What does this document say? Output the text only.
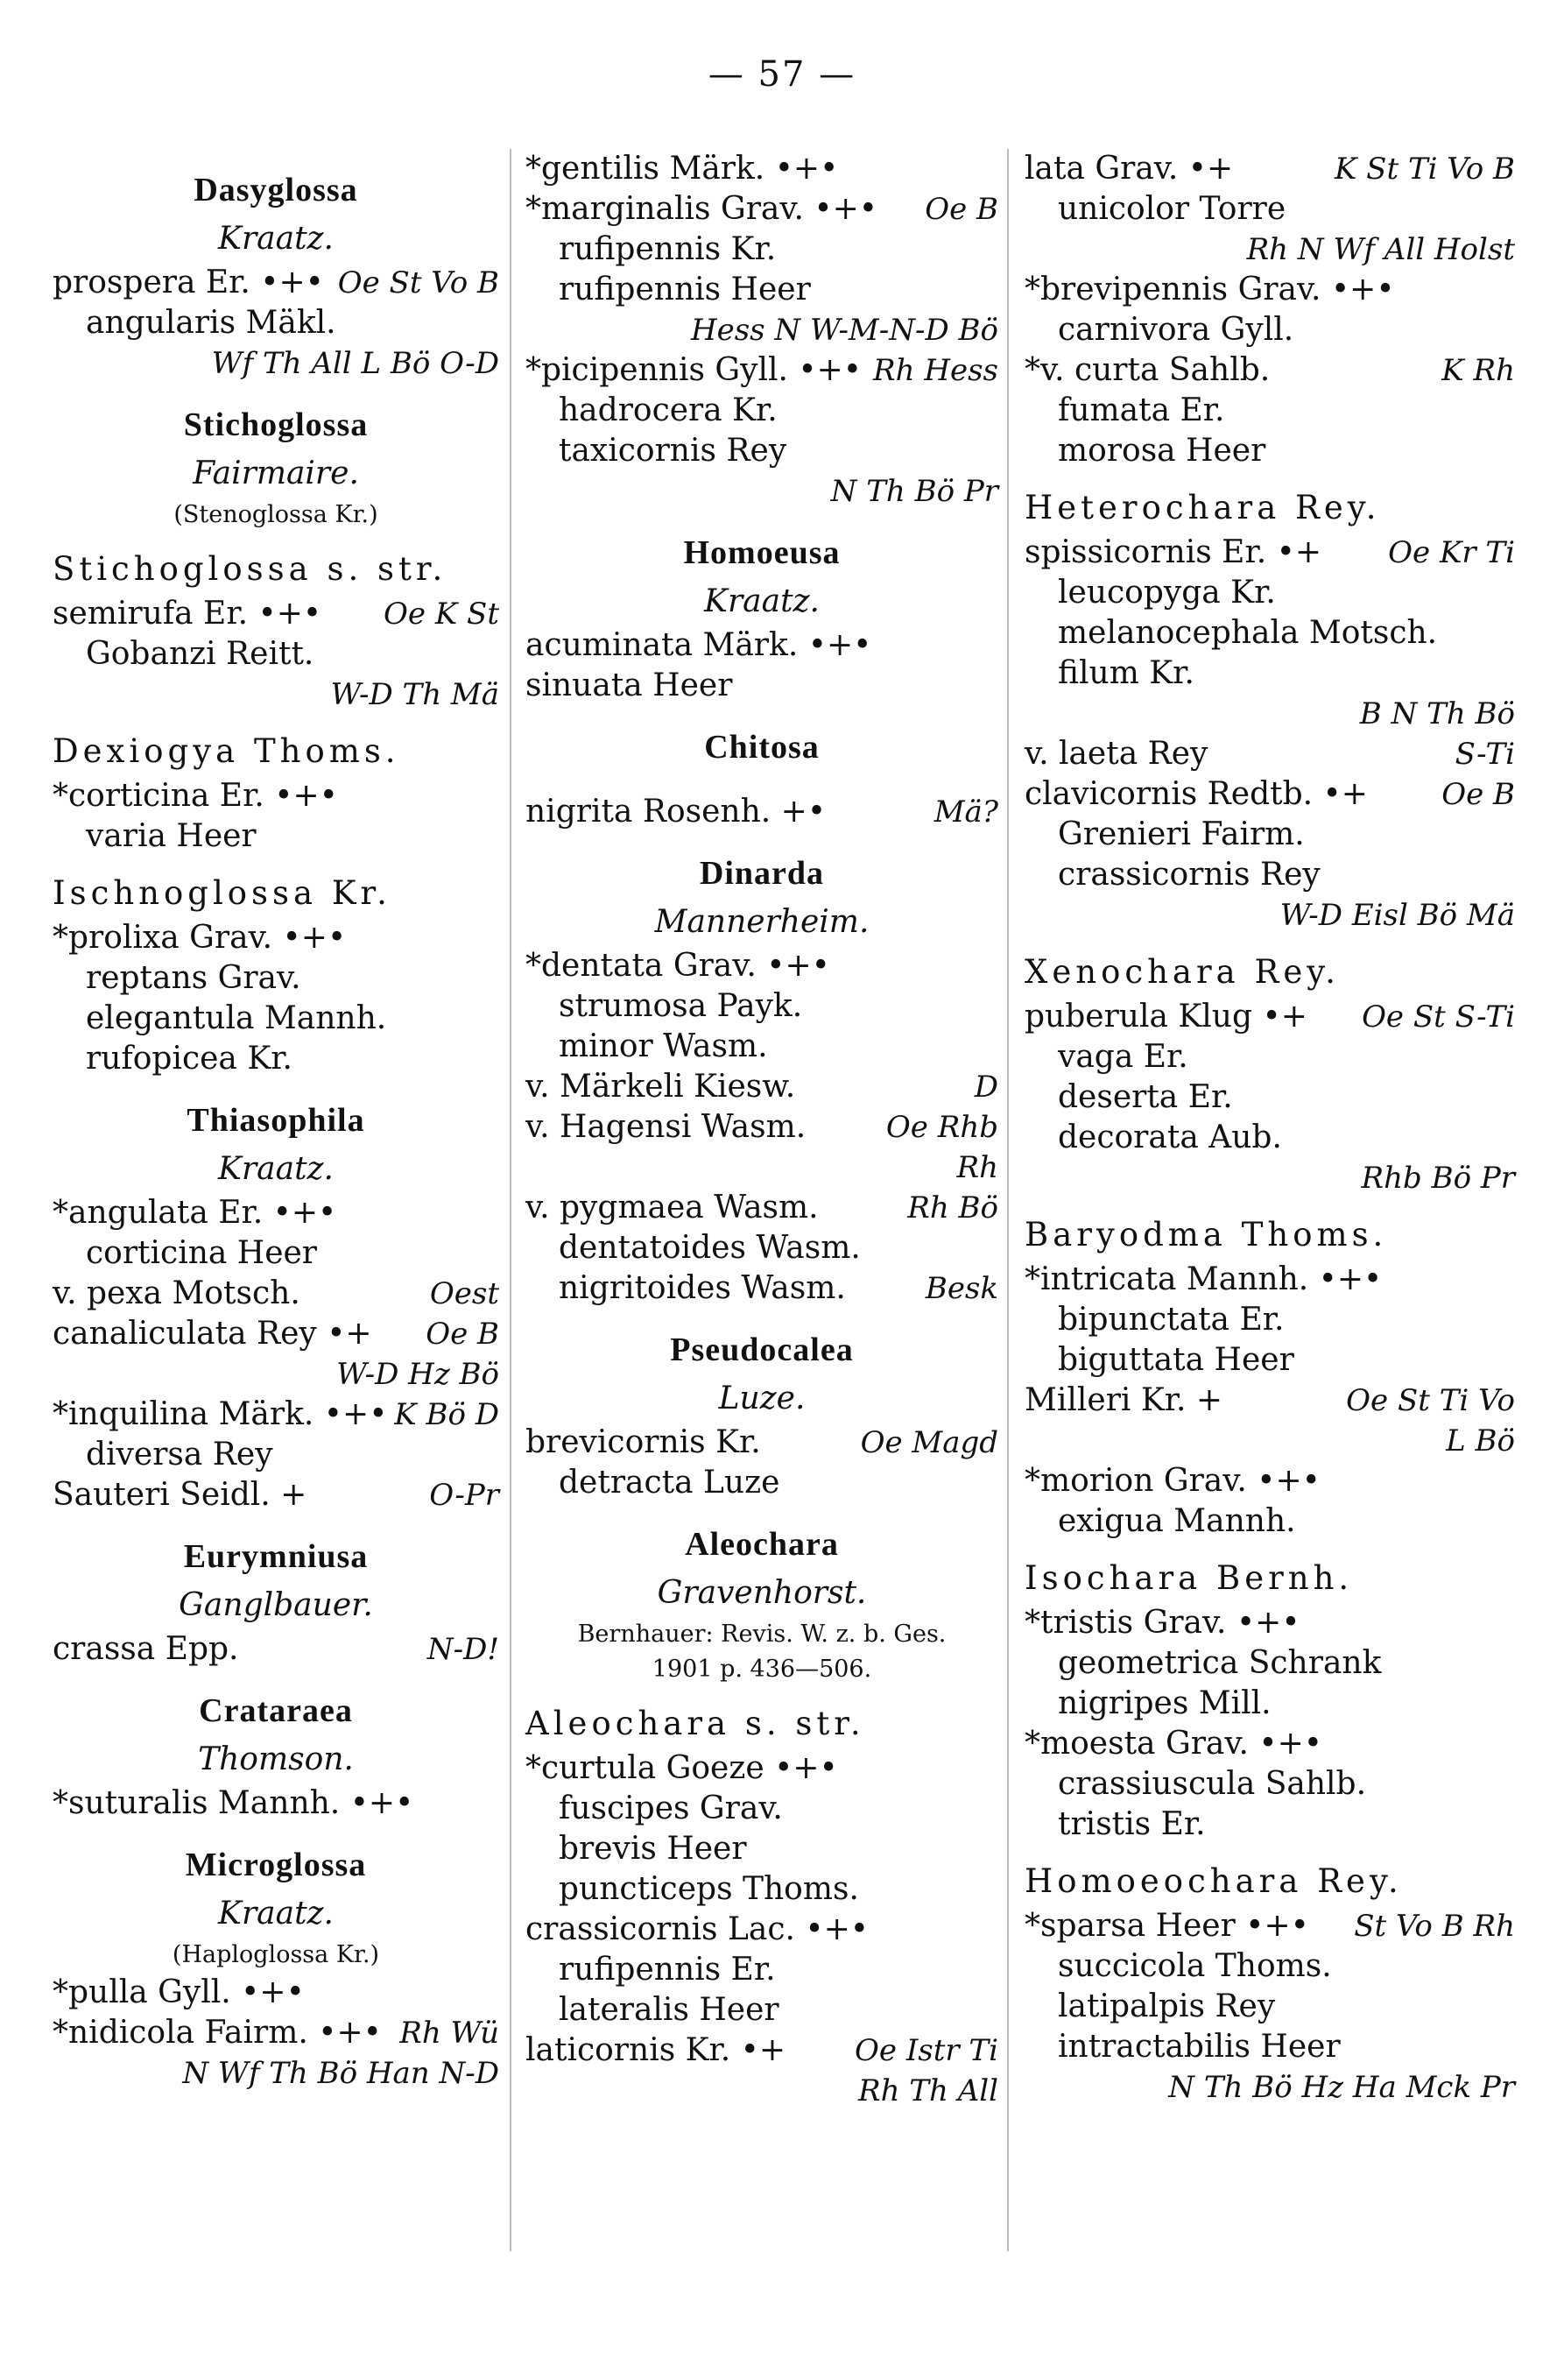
— 57 —
Dasyglossa
Kraatz.
prospera Er. •+• Oe St Vo B
angularis Mäkl.
Wf Th All L Bö O-D
Stichoglossa
Fairmaire.
(Stenoglossa Kr.)
Stichoglossa s. str.
semirufa Er. •+• Oe K St
Gobanzi Reitt.
W-D Th Mä
Dexiogya Thoms.
*corticina Er. •+•
varia Heer
Ischnoglossa Kr.
*prolixa Grav. •+•
reptans Grav.
elegantula Mannh.
rufopicea Kr.
Thiasophila
Kraatz.
*angulata Er. •+•
corticina Heer
v. pexa Motsch.	Oest
canaliculata Rey •+ Oe B
W-D Hz Bö
*inquilina Märk. •+• K Bö D
diversa Rey
Sauteri Seidl. +	O-Pr
Eurymniusa
Ganglbauer.
crassa Epp.	N-D!
Crataraea
Thomson.
*suturalis Mannh. •+•
Microglossa
Kraatz.
(Haploglossa Kr.)
*pulla Gyll. •+•
*nidicola Fairm. •+• Rh Wü
N Wf Th Bö Han N-D
*gentilis Märk. •+•
*marginalis Grav. •+• Oe B
rufipennis Kr.
rufipennis Heer
Hess N W-M-N-D Bö
*picipennis Gyll. •+• Rh Hess
hadrocera Kr.
taxicornis Rey
N Th Bö Pr
Homoeusa
Kraatz.
acuminata Märk. •+•
sinuata Heer
Chitosa
nigrita Rosenh. +•	Mä?
Dinarda
Mannerheim.
*dentata Grav. •+•
strumosa Payk.
minor Wasm.
v. Märkeli Kiesw.	D
v. Hagensi Wasm.	Oe Rhb
Rh
v. pygmaea Wasm.	Rh Bö
dentatoides Wasm.
nigritoides Wasm.	Besk
Pseudocalea
Luze.
brevicornis Kr.	Oe Magd
detracta Luze
Aleochara
Gravenhorst.
Bernhauer: Revis. W. z. b. Ges.
1901 p. 436—506.
Aleochara s. str.
*curtula Goeze •+•
fuscipes Grav.
brevis Heer
puncticeps Thoms.
crassicornis Lac. •+•
rufipennis Er.
lateralis Heer
laticornis Kr. •+ Oe Istr Ti
Rh Th All
lata Grav. •+	K St Ti Vo B
unicolor Torre
Rh N Wf All Holst
*brevipennis Grav. •+•
carnivora Gyll.
*v. curta Sahlb.	K Rh
fumata Er.
morosa Heer
Heterochara Rey.
spissicornis Er. •+ Oe Kr Ti
leucopyga Kr.
melanocephala Motsch.
filum Kr.
B N Th Bö
v. laeta Rey	S-Ti
clavicornis Redtb. •+ Oe B
Grenieri Fairm.
crassicornis Rey
W-D Eisl Bö Mä
Xenochara Rey.
puberula Klug •+ Oe St S-Ti
vaga Er.
deserta Er.
decorata Aub.
Rhb Bö Pr
Baryodma Thoms.
*intricata Mannh. •+•
bipunctata Er.
biguttata Heer
Milleri Kr. +	Oe St Ti Vo
L Bö
*morion Grav. •+•
exigua Mannh.
Isochara Bernh.
*tristis Grav. •+•
geometrica Schrank
nigripes Mill.
*moesta Grav. •+•
crassiuscula Sahlb.
tristis Er.
Homoeochara Rey.
*sparsa Heer •+• St Vo B Rh
succicola Thoms.
latipalpis Rey
intractabilis Heer
N Th Bö Hz Ha Mck Pr
